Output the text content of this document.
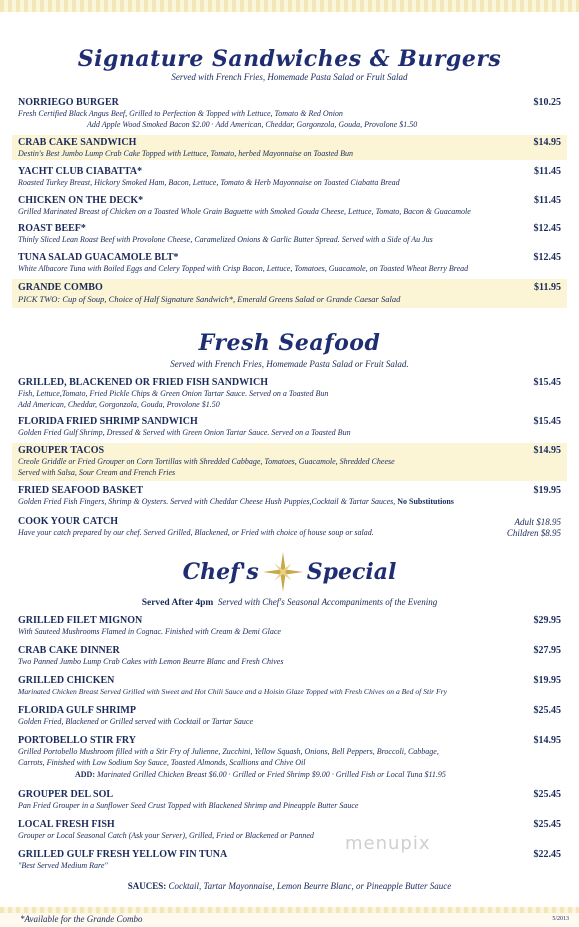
Signature Sandwiches & Burgers
Served with French Fries, Homemade Pasta Salad or Fruit Salad
NORRIEGO BURGER	$10.25
Fresh Certified Black Angus Beef, Grilled to Perfection & Topped with Lettuce, Tomato & Red Onion
Add Apple Wood Smoked Bacon $2.00 · Add American, Cheddar, Gorgonzola, Gouda, Provolone $1.50
CRAB CAKE SANDWICH	$14.95
Destin's Best Jumbo Lump Crab Cake Topped with Lettuce, Tomato, herbed Mayonnaise on Toasted Bun
YACHT CLUB CIABATTA*	$11.45
Roasted Turkey Breast, Hickory Smoked Ham, Bacon, Lettuce, Tomato & Herb Mayonnaise on Toasted Ciabatta Bread
CHICKEN ON THE DECK*	$11.45
Grilled Marinated Breast of Chicken on a Toasted Whole Grain Baguette with Smoked Gouda Cheese, Lettuce, Tomato, Bacon & Guacamole
ROAST BEEF*	$12.45
Thinly Sliced Lean Roast Beef with Provolone Cheese, Caramelized Onions & Garlic Butter Spread. Served with a Side of Au Jus
TUNA SALAD GUACAMOLE BLT*	$12.45
White Albacore Tuna with Boiled Eggs and Celery Topped with Crisp Bacon, Lettuce, Tomatoes, Guacamole, on Toasted Wheat Berry Bread
GRANDE COMBO	$11.95
PICK TWO: Cup of Soup, Choice of Half Signature Sandwich*, Emerald Greens Salad or Grande Caesar Salad
Fresh Seafood
Served with French Fries, Homemade Pasta Salad or Fruit Salad.
GRILLED, BLACKENED OR FRIED FISH SANDWICH	$15.45
Fish, Lettuce,Tomato, Fried Pickle Chips & Green Onion Tartar Sauce. Served on a Toasted Bun
Add American, Cheddar, Gorgonzola, Gouda, Provolone $1.50
FLORIDA FRIED SHRIMP SANDWICH	$15.45
Golden Fried Gulf Shrimp, Dressed & Served with Green Onion Tartar Sauce. Served on a Toasted Bun
GROUPER TACOS	$14.95
Creole Griddle or Fried Grouper on Corn Tortillas with Shredded Cabbage, Tomatoes, Guacamole, Shredded Cheese
Served with Salsa, Sour Cream and French Fries
FRIED SEAFOOD BASKET	$19.95
Golden Fried Fish Fingers, Shrimp & Oysters. Served with Cheddar Cheese Hush Puppies,Cocktail & Tartar Sauces, No Substitutions
COOK YOUR CATCH	Adult $18.95
Children $8.95
Have your catch prepared by our chef. Served Grilled, Blackened, or Fried with choice of house soup or salad.
Chef's Special
Served After 4pm Served with Chef's Seasonal Accompaniments of the Evening
GRILLED FILET MIGNON	$29.95
With Sauteed Mushrooms Flamed in Cognac. Finished with Cream & Demi Glace
CRAB CAKE DINNER	$27.95
Two Panned Jumbo Lump Crab Cakes with Lemon Beurre Blanc and Fresh Chives
GRILLED CHICKEN	$19.95
Marinated Chicken Breast Served Grilled with Sweet and Hot Chili Sauce and a Hoisin Glaze Topped with Fresh Chives on a Bed of Stir Fry
FLORIDA GULF SHRIMP	$25.45
Golden Fried, Blackened or Grilled served with Cocktail or Tartar Sauce
PORTOBELLO STIR FRY	$14.95
Grilled Portobello Mushroom filled with a Stir Fry of Julienne, Zucchini, Yellow Squash, Onions, Bell Peppers, Broccoli, Cabbage,
Carrots, Finished with Low Sodium Soy Sauce, Toasted Almonds, Scallions and Chive Oil
ADD: Marinated Grilled Chicken Breast $6.00 · Grilled or Fried Shrimp $9.00 · Grilled Fish or Local Tuna $11.95
GROUPER DEL SOL	$25.45
Pan Fried Grouper in a Sunflower Seed Crust Topped with Blackened Shrimp and Pineapple Butter Sauce
LOCAL FRESH FISH	$25.45
Grouper or Local Seasonal Catch (Ask your Server), Grilled, Fried or Blackened or Panned menupix
GRILLED GULF FRESH YELLOW FIN TUNA	$22.45
"Best Served Medium Rare"
SAUCES: Cocktail, Tartar Mayonnaise, Lemon Beurre Blanc, or Pineapple Butter Sauce
*Available for the Grande Combo	5/2013
